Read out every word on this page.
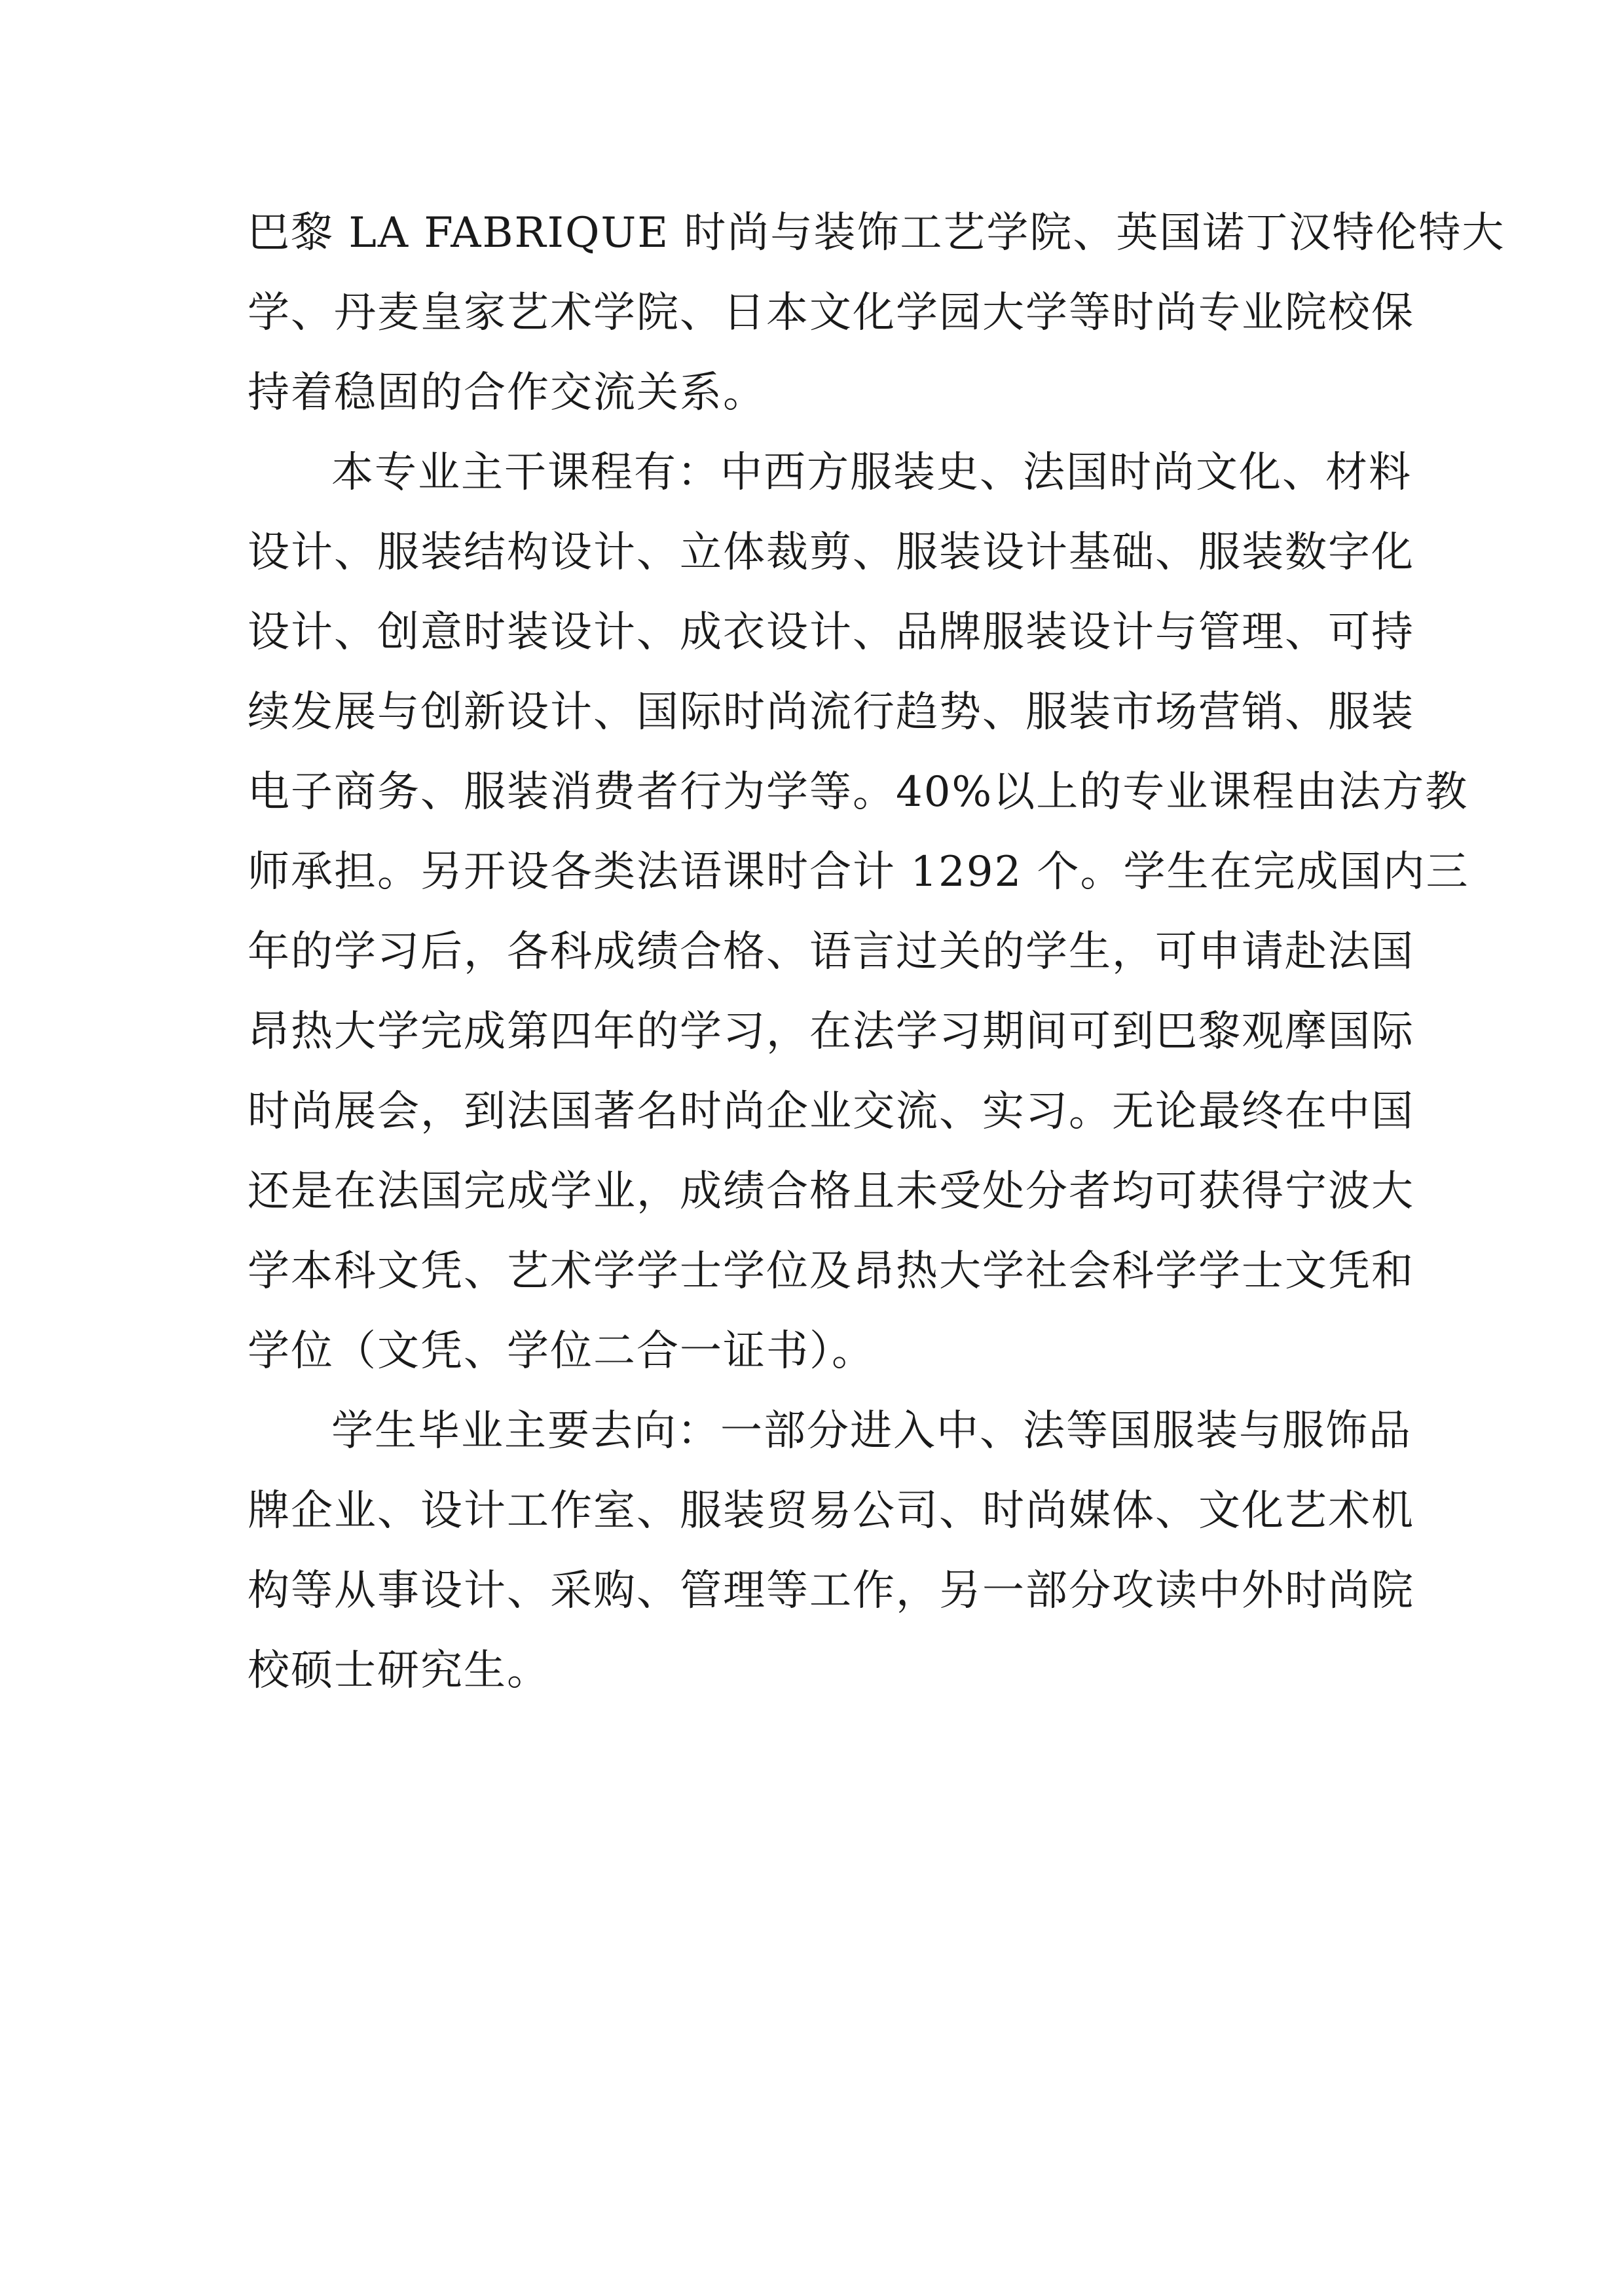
巴黎 LA FABRIQUE 时尚与装饰工艺学院、英国诺丁汉特伦特大
学、丹麦皇家艺术学院、日本文化学园大学等时尚专业院校保
持着稳固的合作交流关系。
本专业主干课程有：中西方服装史、法国时尚文化、材料
设计、服装结构设计、立体裁剪、服装设计基础、服装数字化
设计、创意时装设计、成衣设计、品牌服装设计与管理、可持
续发展与创新设计、国际时尚流行趋势、服装市场营销、服装
电子商务、服装消费者行为学等。40%以上的专业课程由法方教
师承担。另开设各类法语课时合计 1292 个。学生在完成国内三
年的学习后，各科成绩合格、语言过关的学生，可申请赴法国
昂热大学完成第四年的学习，在法学习期间可到巴黎观摩国际
时尚展会，到法国著名时尚企业交流、实习。无论最终在中国
还是在法国完成学业，成绩合格且未受处分者均可获得宁波大
学本科文凭、艺术学学士学位及昂热大学社会科学学士文凭和
学位（文凭、学位二合一证书）。
学生毕业主要去向：一部分进入中、法等国服装与服饰品
牌企业、设计工作室、服装贸易公司、时尚媒体、文化艺术机
构等从事设计、采购、管理等工作，另一部分攻读中外时尚院
校硕士研究生。
